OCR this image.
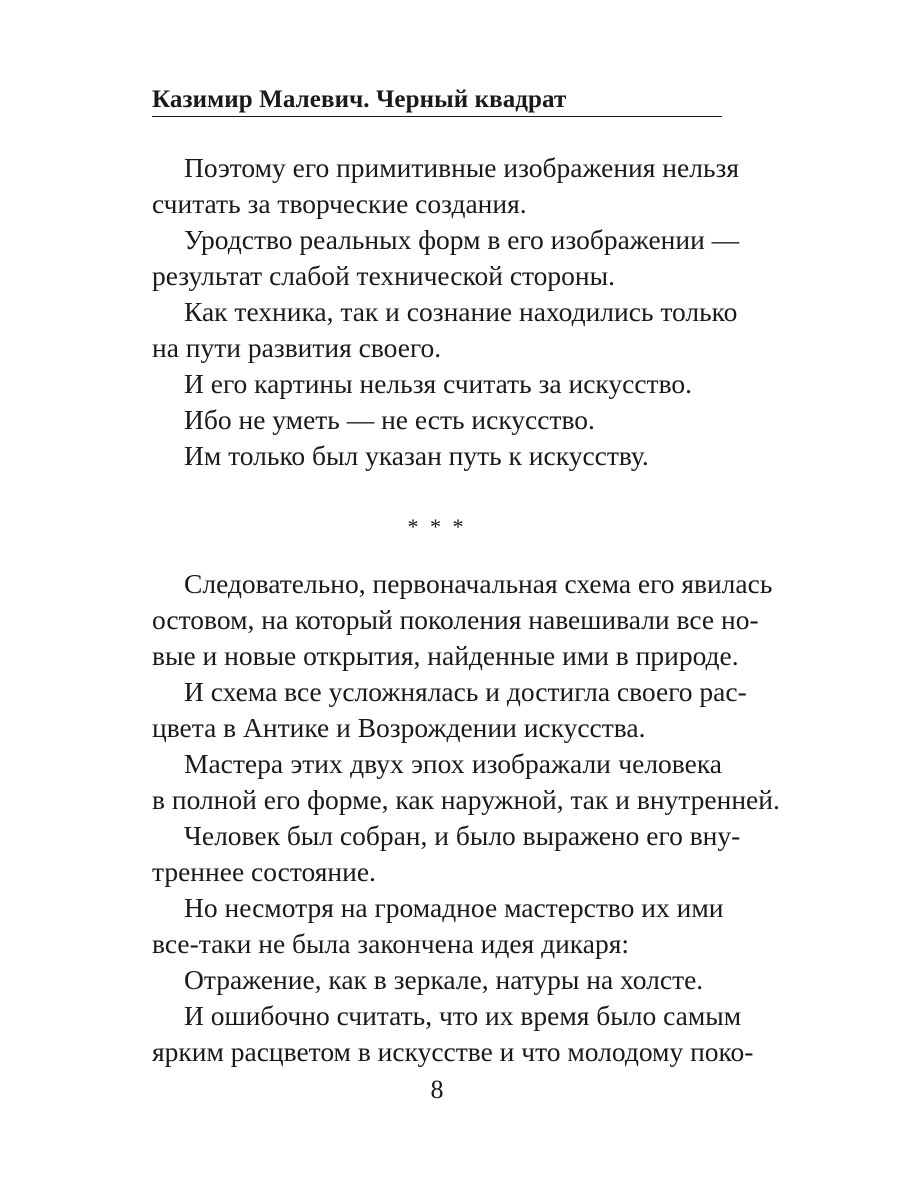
Казимир Малевич. Черный квадрат
Поэтому его примитивные изображения нельзя
считать за творческие создания.
Уродство реальных форм в его изображении —
результат слабой технической стороны.
Как техника, так и сознание находились только
на пути развития своего.
И его картины нельзя считать за искусство.
Ибо не уметь — не есть искусство.
Им только был указан путь к искусству.
* * *
Следовательно, первоначальная схема его явилась
остовом, на который поколения навешивали все но-
вые и новые открытия, найденные ими в природе.
И схема все усложнялась и достигла своего рас-
цвета в Антике и Возрождении искусства.
Мастера этих двух эпох изображали человека
в полной его форме, как наружной, так и внутренней.
Человек был собран, и было выражено его вну-
треннее состояние.
Но несмотря на громадное мастерство их ими
все-таки не была закончена идея дикаря:
Отражение, как в зеркале, натуры на холсте.
И ошибочно считать, что их время было самым
ярким расцветом в искусстве и что молодому поко-
8
